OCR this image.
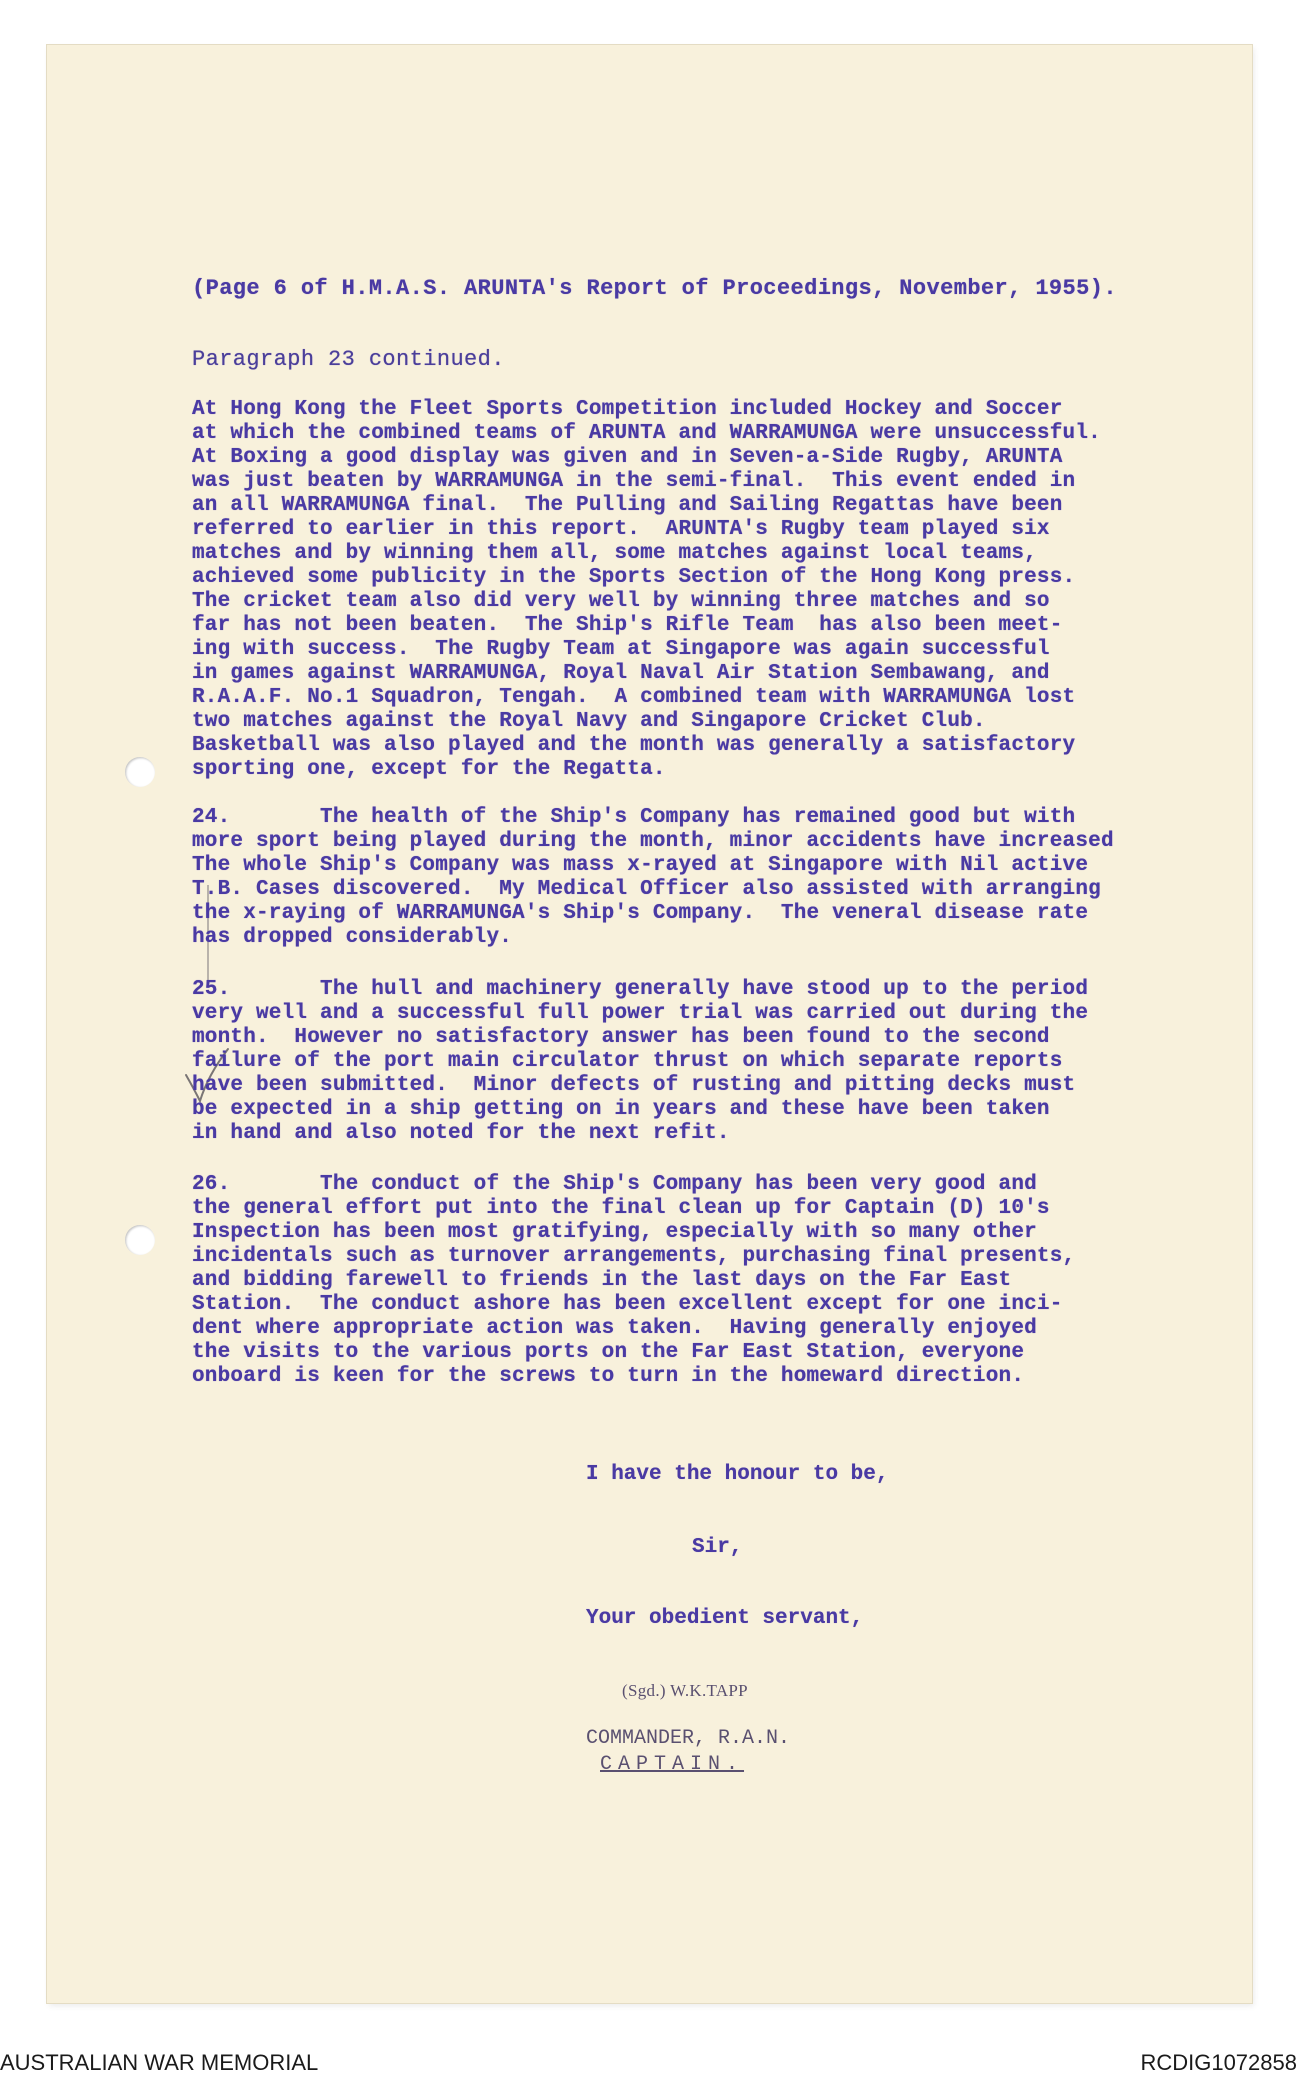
(Page 6 of H.M.A.S. ARUNTA's Report of Proceedings, November, 1955).
Paragraph 23 continued.
At Hong Kong the Fleet Sports Competition included Hockey and Soccer
at which the combined teams of ARUNTA and WARRAMUNGA were unsuccessful.
At Boxing a good display was given and in Seven-a-Side Rugby, ARUNTA
was just beaten by WARRAMUNGA in the semi-final.  This event ended in
an all WARRAMUNGA final.  The Pulling and Sailing Regattas have been
referred to earlier in this report.  ARUNTA's Rugby team played six
matches and by winning them all, some matches against local teams,
achieved some publicity in the Sports Section of the Hong Kong press.
The cricket team also did very well by winning three matches and so
far has not been beaten.  The Ship's Rifle Team  has also been meet-
ing with success.  The Rugby Team at Singapore was again successful
in games against WARRAMUNGA, Royal Naval Air Station Sembawang, and
R.A.A.F. No.1 Squadron, Tengah.  A combined team with WARRAMUNGA lost
two matches against the Royal Navy and Singapore Cricket Club.
Basketball was also played and the month was generally a satisfactory
sporting one, except for the Regatta.
24.       The health of the Ship's Company has remained good but with
more sport being played during the month, minor accidents have increased
The whole Ship's Company was mass x-rayed at Singapore with Nil active
T.B. Cases discovered.  My Medical Officer also assisted with arranging
the x-raying of WARRAMUNGA's Ship's Company.  The veneral disease rate
has dropped considerably.
25.       The hull and machinery generally have stood up to the period
very well and a successful full power trial was carried out during the
month.  However no satisfactory answer has been found to the second
failure of the port main circulator thrust on which separate reports
have been submitted.  Minor defects of rusting and pitting decks must
be expected in a ship getting on in years and these have been taken
in hand and also noted for the next refit.
26.       The conduct of the Ship's Company has been very good and
the general effort put into the final clean up for Captain (D) 10's
Inspection has been most gratifying, especially with so many other
incidentals such as turnover arrangements, purchasing final presents,
and bidding farewell to friends in the last days on the Far East
Station.  The conduct ashore has been excellent except for one inci-
dent where appropriate action was taken.  Having generally enjoyed
the visits to the various ports on the Far East Station, everyone
onboard is keen for the screws to turn in the homeward direction.
I have the honour to be,
Sir,
Your obedient servant,
(Sgd.) W.K.TAPP
COMMANDER, R.A.N.
CAPTAIN.
AUSTRALIAN WAR MEMORIAL	RCDIG1072858
